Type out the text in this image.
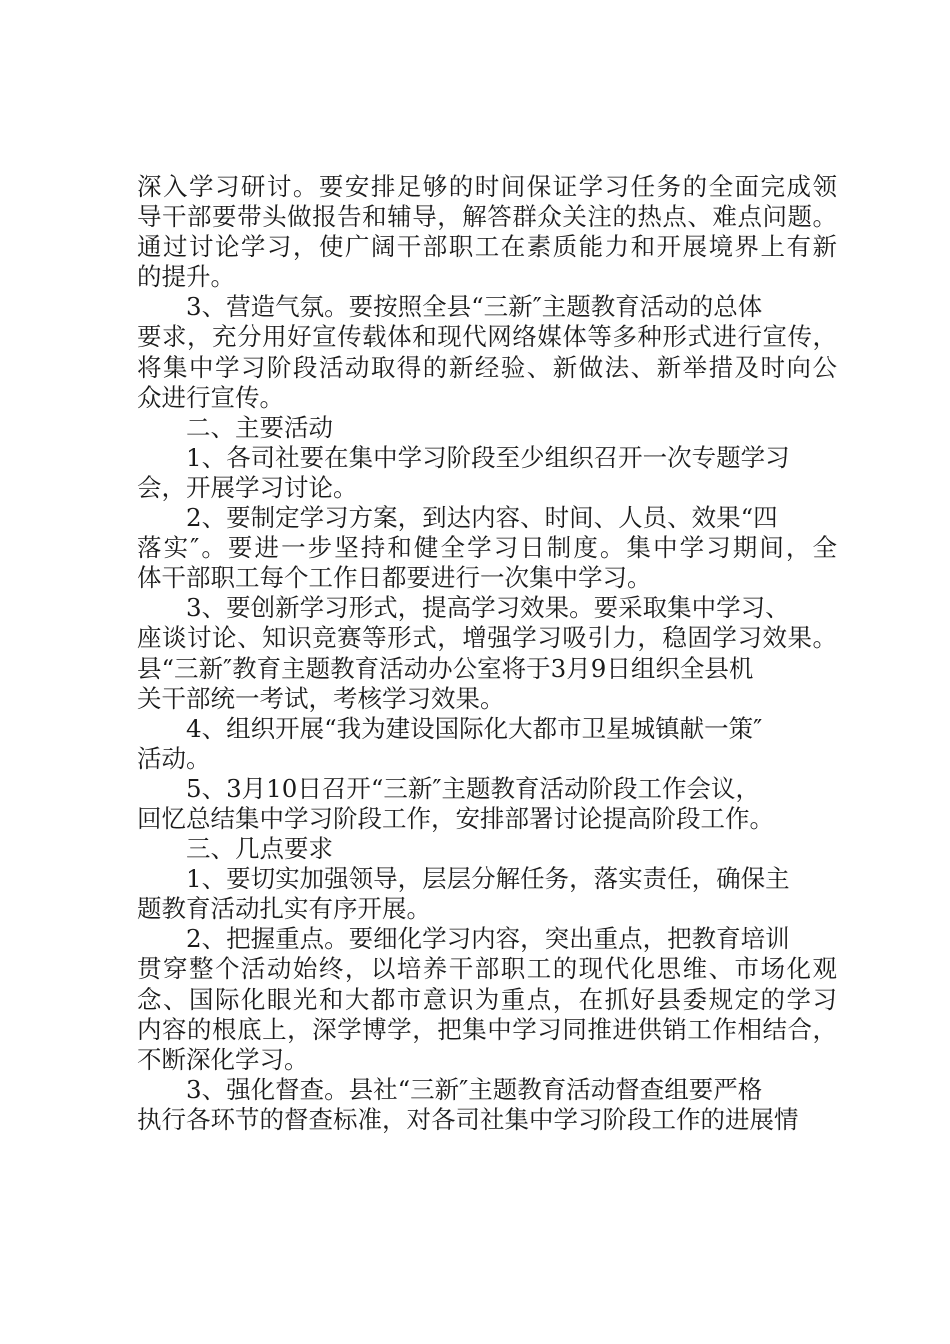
深入学习研讨。要安排足够的时间保证学习任务的全面完成领
导干部要带头做报告和辅导，解答群众关注的热点、难点问题。
通过讨论学习，使广阔干部职工在素质能力和开展境界上有新
的提升。
3、营造气氛。要按照全县“三新″主题教育活动的总体
要求，充分用好宣传载体和现代网络媒体等多种形式进行宣传，
将集中学习阶段活动取得的新经验、新做法、新举措及时向公
众进行宣传。
二、主要活动
1、各司社要在集中学习阶段至少组织召开一次专题学习
会，开展学习讨论。
2、要制定学习方案，到达内容、时间、人员、效果“四
落实″。要进一步坚持和健全学习日制度。集中学习期间，全
体干部职工每个工作日都要进行一次集中学习。
3、要创新学习形式，提高学习效果。要采取集中学习、
座谈讨论、知识竞赛等形式，增强学习吸引力，稳固学习效果。
县“三新″教育主题教育活动办公室将于3月9日组织全县机
关干部统一考试，考核学习效果。
4、组织开展“我为建设国际化大都市卫星城镇献一策″
活动。
5、3月10日召开“三新″主题教育活动阶段工作会议，
回忆总结集中学习阶段工作，安排部署讨论提高阶段工作。
三、几点要求
1、要切实加强领导，层层分解任务，落实责任，确保主
题教育活动扎实有序开展。
2、把握重点。要细化学习内容，突出重点，把教育培训
贯穿整个活动始终，以培养干部职工的现代化思维、市场化观
念、国际化眼光和大都市意识为重点，在抓好县委规定的学习
内容的根底上，深学博学，把集中学习同推进供销工作相结合，
不断深化学习。
3、强化督查。县社“三新″主题教育活动督查组要严格
执行各环节的督查标准，对各司社集中学习阶段工作的进展情
